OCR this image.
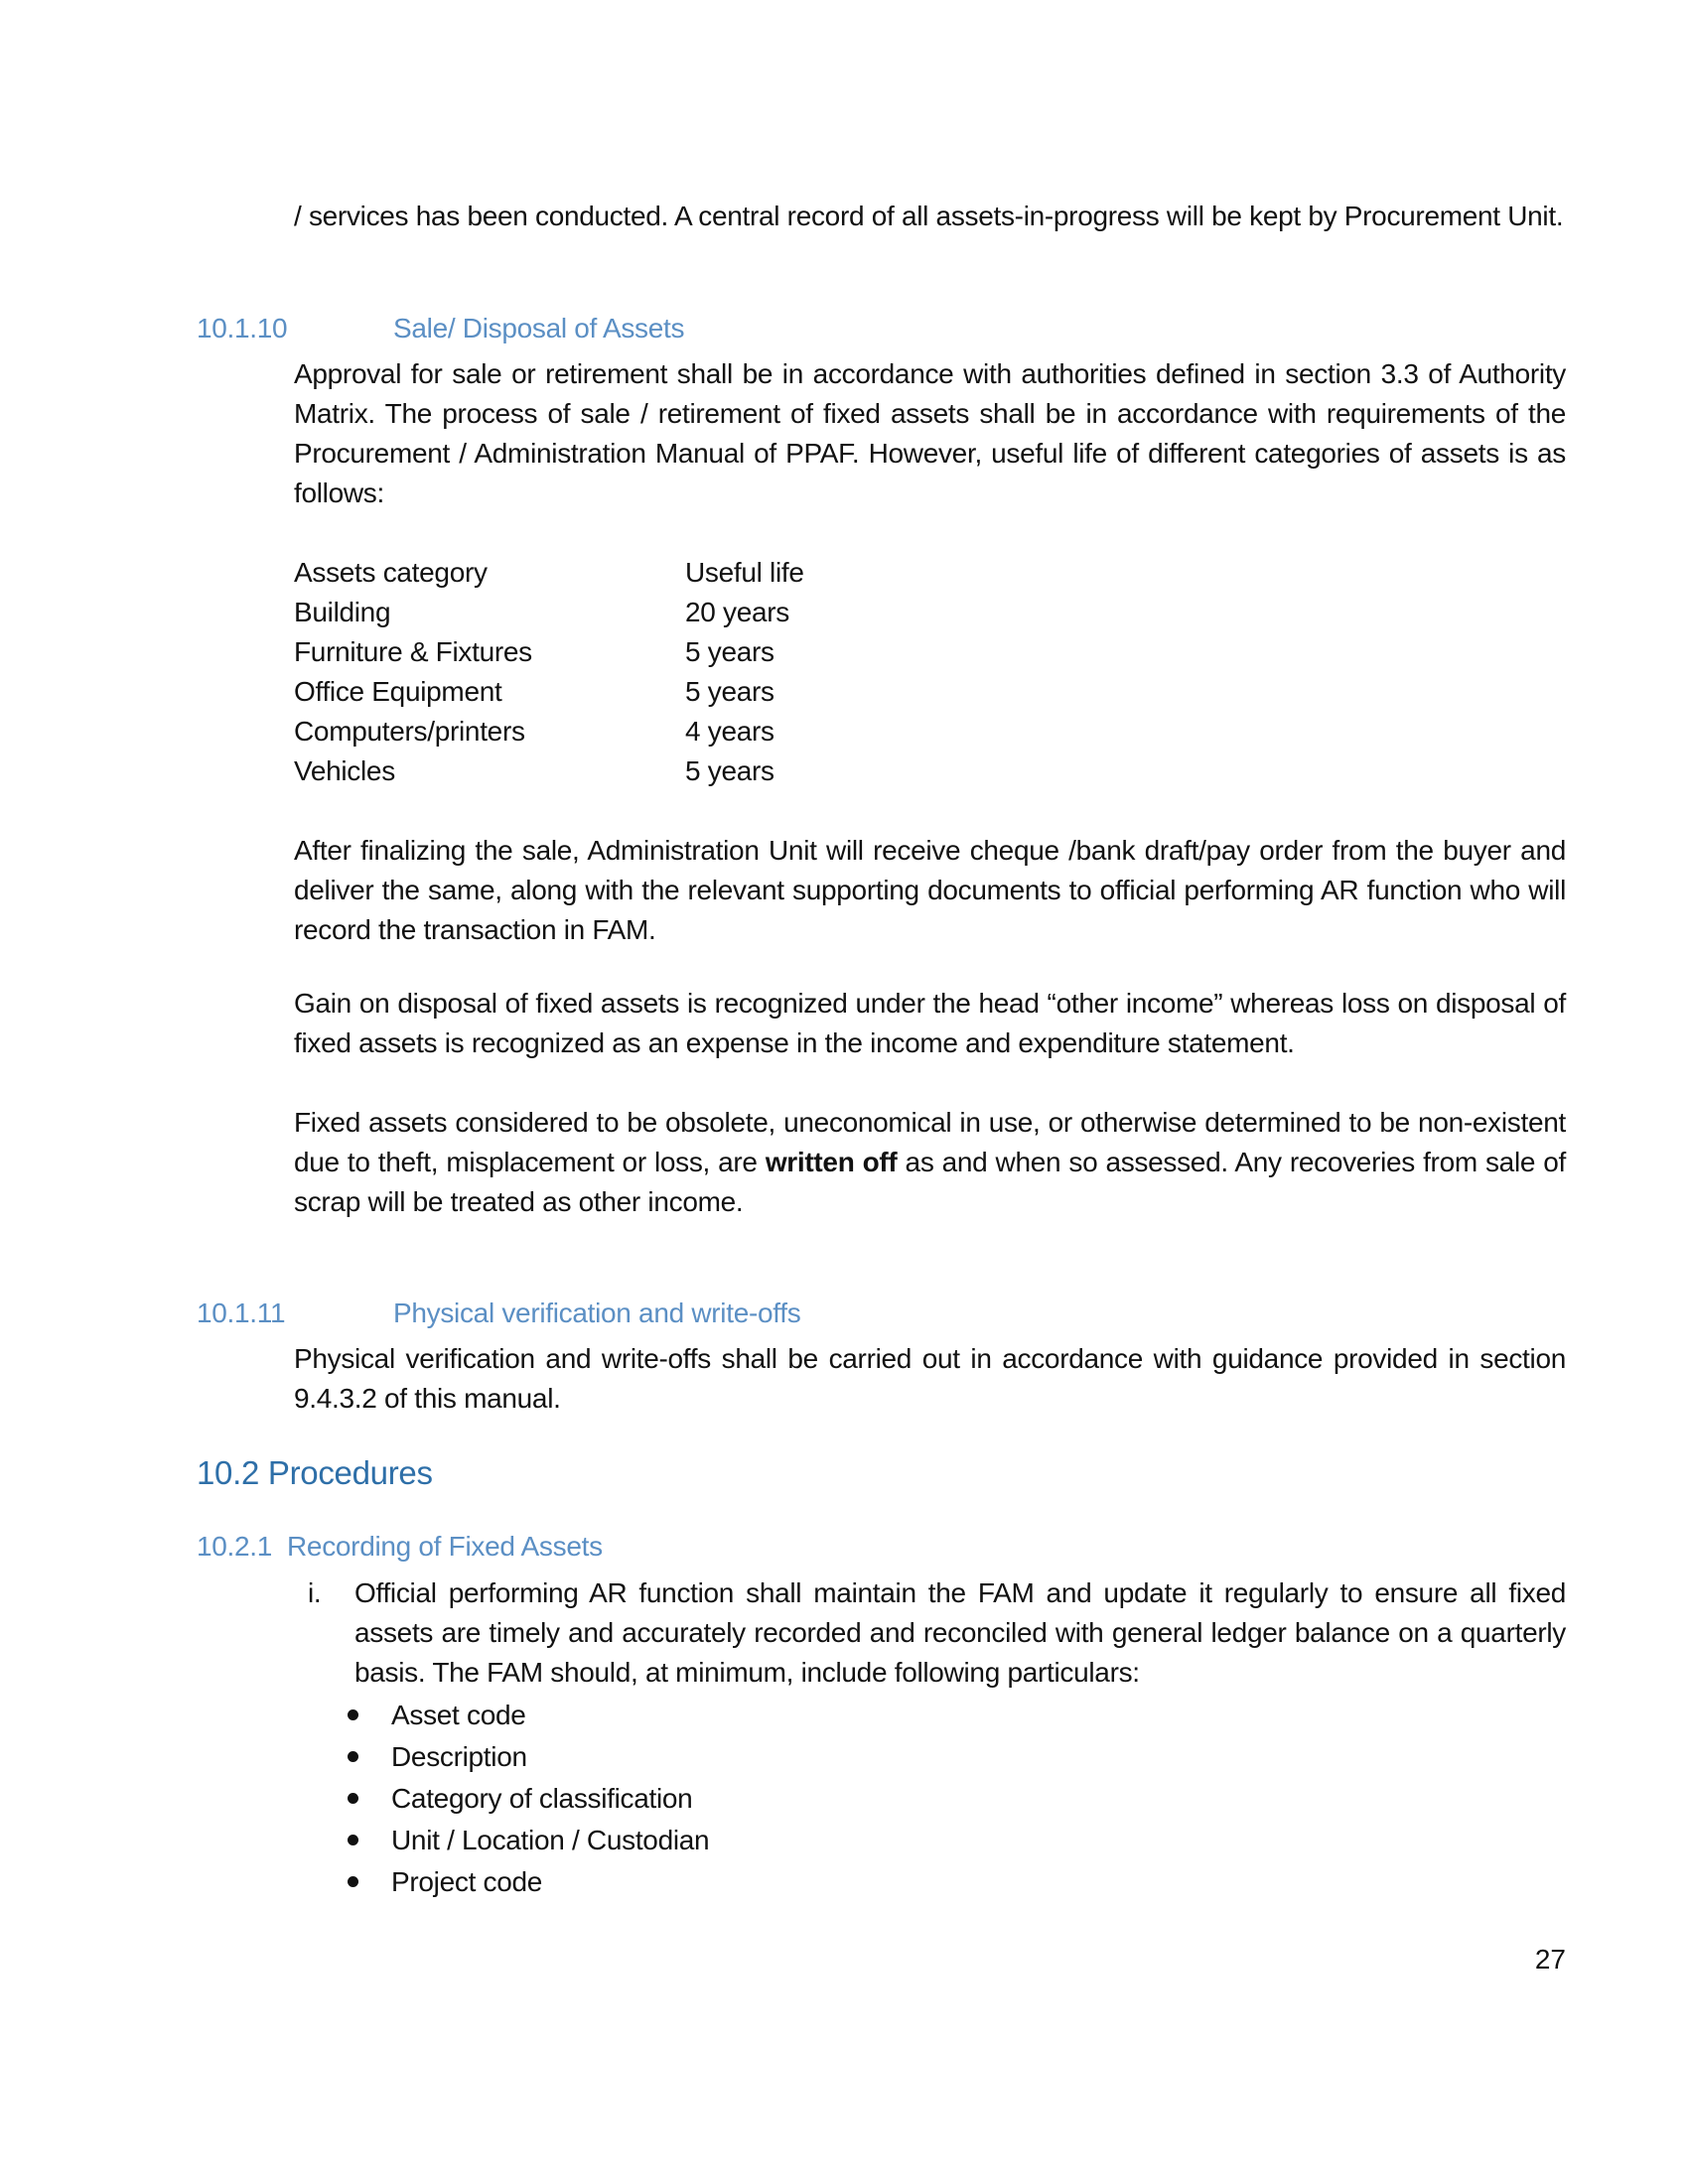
/ services has been conducted. A central record of all assets-in-progress will be kept by Procurement Unit.
10.1.10	Sale/ Disposal of Assets
Approval for sale or retirement shall be in accordance with authorities defined in section 3.3 of Authority Matrix. The process of sale / retirement of fixed assets shall be in accordance with requirements of the Procurement / Administration Manual of PPAF. However, useful life of different categories of assets is as follows:
Assets category	Useful life
Building	20 years
Furniture & Fixtures	5 years
Office Equipment	5 years
Computers/printers	4 years
Vehicles	5 years
After finalizing the sale, Administration Unit will receive cheque /bank draft/pay order from the buyer and deliver the same, along with the relevant supporting documents to official performing AR function who will record the transaction in FAM.
Gain on disposal of fixed assets is recognized under the head “other income” whereas loss on disposal of fixed assets is recognized as an expense in the income and expenditure statement.
Fixed assets considered to be obsolete, uneconomical in use, or otherwise determined to be non-existent due to theft, misplacement or loss, are written off as and when so assessed. Any recoveries from sale of scrap will be treated as other income.
10.1.11	Physical verification and write-offs
Physical verification and write-offs shall be carried out in accordance with guidance provided in section 9.4.3.2 of this manual.
10.2 Procedures
10.2.1  Recording of Fixed Assets
i. Official performing AR function shall maintain the FAM and update it regularly to ensure all fixed assets are timely and accurately recorded and reconciled with general ledger balance on a quarterly basis. The FAM should, at minimum, include following particulars:
Asset code
Description
Category of classification
Unit / Location / Custodian
Project code
27
